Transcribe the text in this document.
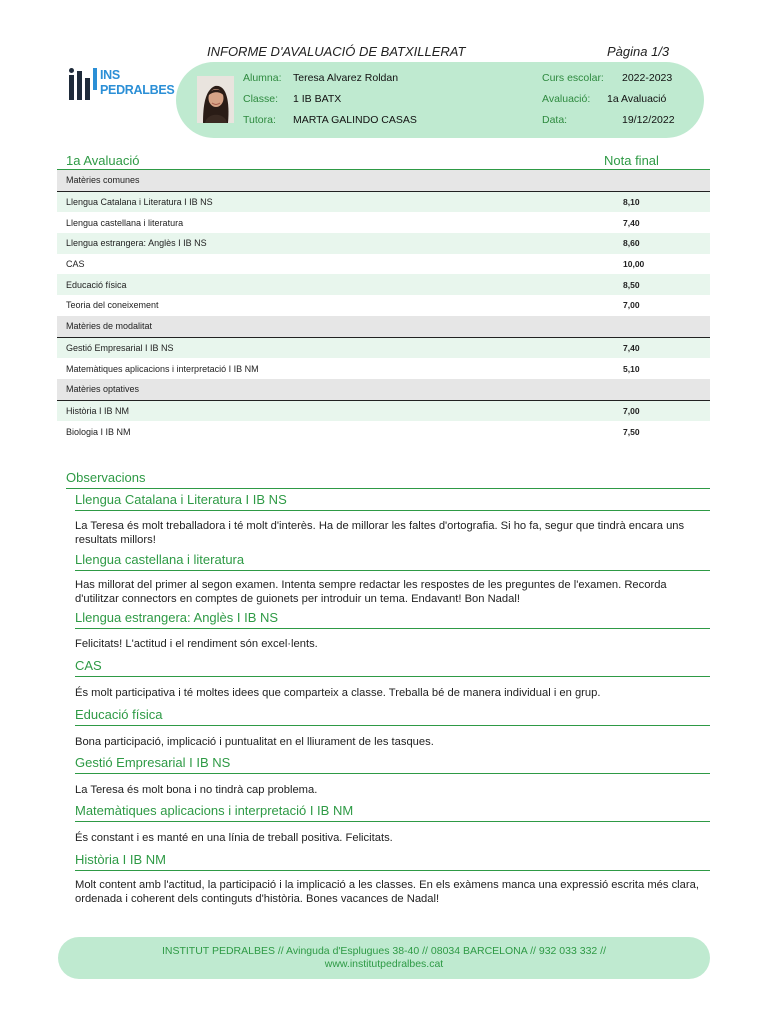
INFORME D'AVALUACIÓ DE BATXILLERAT	Pàgina 1/3
INS
PEDRALBES
Alumna: Teresa Alvarez Roldan
Classe: 1 IB BATX
Tutora: MARTA GALINDO CASAS
Curs escolar: 2022-2023
Avaluació: 1a Avaluació
Data:	19/12/2022
1a Avaluació	Nota final
Matèries comunes
Llengua Catalana i Literatura I IB NS	8,10
Llengua castellana i literatura	7,40
Llengua estrangera: Anglès I IB NS	8,60
CAS	10,00
Educació física	8,50
Teoria del coneixement	7,00
Matèries de modalitat
Gestió Empresarial I IB NS	7,40
Matemàtiques aplicacions i interpretació I IB NM	5,10
Matèries optatives
Història I IB NM	7,00
Biologia I IB NM	7,50
Observacions
Llengua Catalana i Literatura I IB NS
La Teresa és molt treballadora i té molt d'interès. Ha de millorar les faltes d'ortografia. Si ho fa, segur que tindrà encara uns resultats millors!
Llengua castellana i literatura
Has millorat del primer al segon examen. Intenta sempre redactar les respostes de les preguntes de l'examen. Recorda d'utilitzar connectors en comptes de guionets per introduir un tema. Endavant! Bon Nadal!
Llengua estrangera: Anglès I IB NS
Felicitats! L'actitud i el rendiment són excel·lents.
CAS
És molt participativa i té moltes idees que comparteix a classe. Treballa bé de manera individual i en grup.
Educació física
Bona participació, implicació i puntualitat en el lliurament de les tasques.
Gestió Empresarial I IB NS
La Teresa és molt bona i no tindrà cap problema.
Matemàtiques aplicacions i interpretació I IB NM
És constant i es manté en una línia de treball positiva. Felicitats.
Història I IB NM
Molt content amb l'actitud, la participació i la implicació a les classes. En els exàmens manca una expressió escrita més clara, ordenada i coherent dels continguts d'història. Bones vacances de Nadal!
INSTITUT PEDRALBES // Avinguda d'Esplugues 38-40 // 08034 BARCELONA // 932 033 332 //
www.institutpedralbes.cat
